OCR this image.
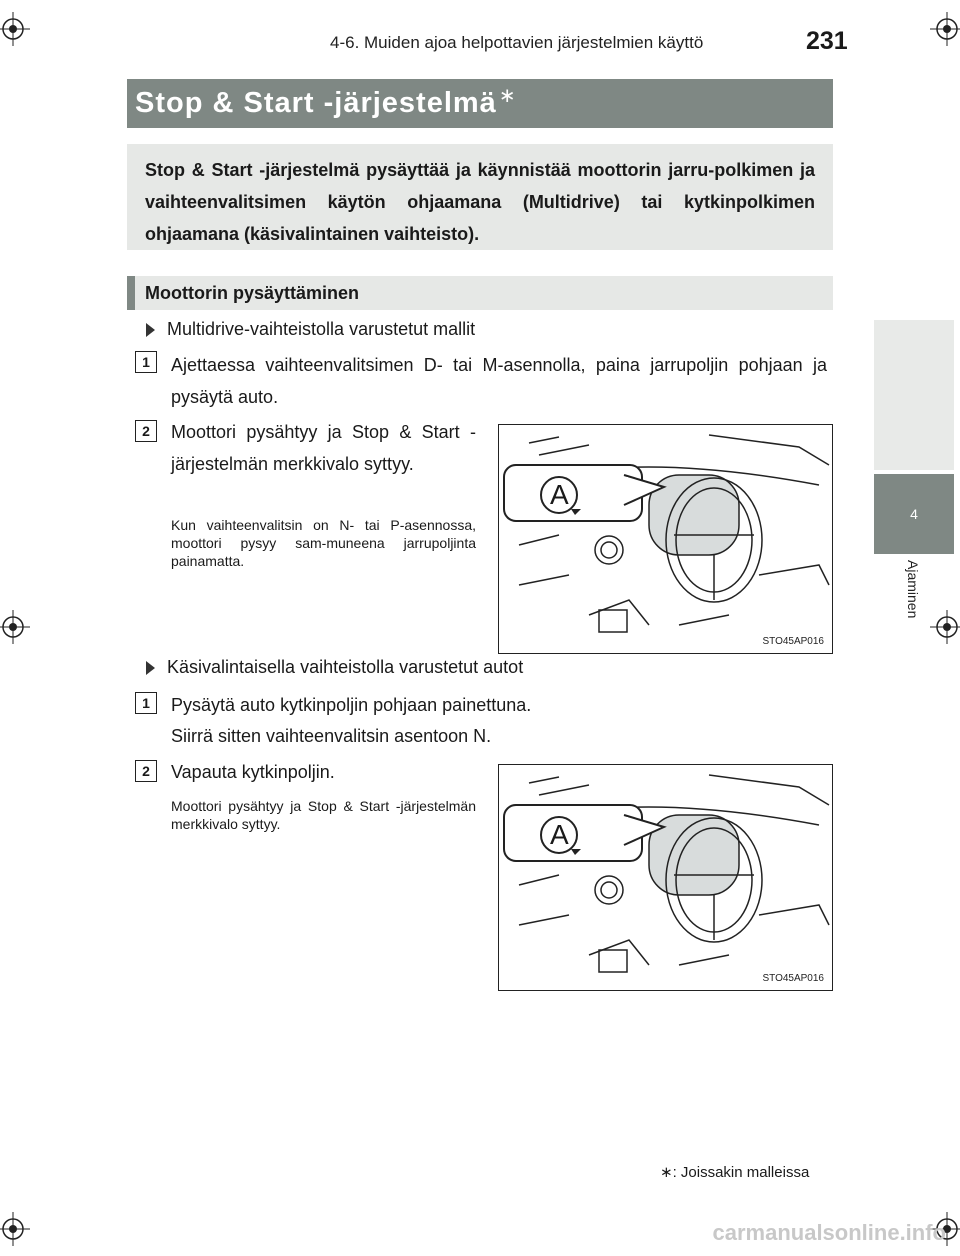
4-6. Muiden ajoa helpottavien järjestelmien käyttö	231
4
Ajaminen
Stop & Start -järjestelmä∗
Stop & Start -järjestelmä pysäyttää ja käynnistää moottorin jarru-polkimen ja vaihteenvalitsimen käytön ohjaamana (Multidrive) tai kytkinpolkimen ohjaamana (käsivalintainen vaihteisto).
Moottorin pysäyttäminen
Multidrive-vaihteistolla varustetut mallit
1	Ajettaessa vaihteenvalitsimen D- tai M-asennolla, paina jarrupoljin pohjaan ja pysäytä auto.
2	Moottori pysähtyy ja Stop & Start -järjestelmän merkkivalo syttyy.
Kun vaihteenvalitsin on N- tai P-asennossa, moottori pysyy sam-muneena jarrupoljinta painamatta.
A
STO45AP016
Käsivalintaisella vaihteistolla varustetut autot
1	Pysäytä auto kytkinpoljin pohjaan painettuna.
Siirrä sitten vaihteenvalitsin asentoon N.
2	Vapauta kytkinpoljin.
Moottori pysähtyy ja Stop & Start -järjestelmän merkkivalo syttyy.	A
STO45AP016
∗: Joissakin malleissa
carmanualsonline.info
